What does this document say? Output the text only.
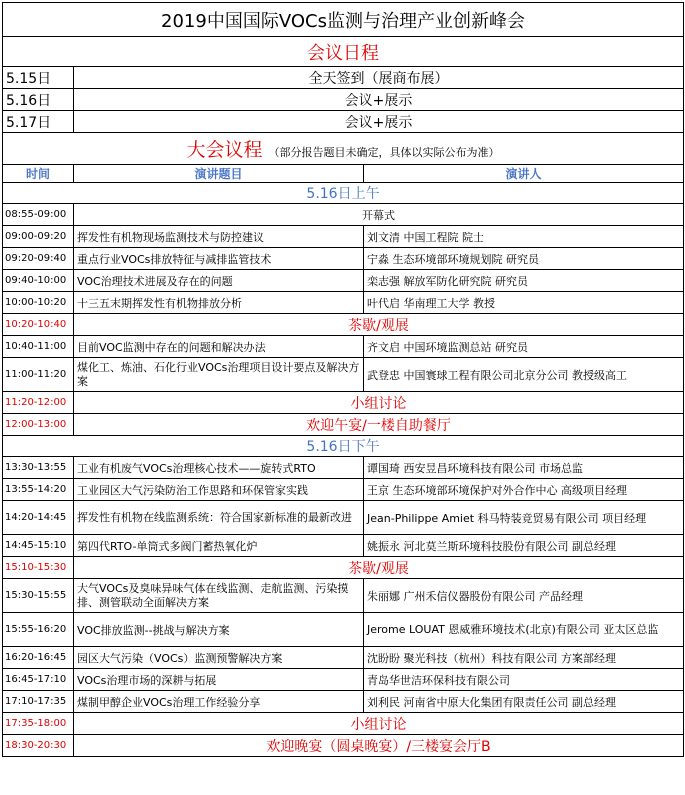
2019中国国际VOCs监测与治理产业创新峰会		
会议日程		
5.15日	全天签到（展商布展）	
5.16日	会议+展示	
5.17日	会议+展示	
大会议程 （部分报告题目未确定，具体以实际公布为准）		
时间	演讲题目	演讲人
5.16日上午		
08:55-09:00	开幕式	
09:00-09:20	挥发性有机物现场监测技术与防控建议	刘文清 中国工程院 院士
09:20-09:40	重点行业VOCs排放特征与减排监管技术	宁淼 生态环境部环境规划院 研究员
09:40-10:00	VOC治理技术进展及存在的问题	栾志强 解放军防化研究院 研究员
10:00-10:20	十三五末期挥发性有机物排放分析	叶代启 华南理工大学 教授
10:20-10:40	茶歇/观展	
10:40-11:00	目前VOC监测中存在的问题和解决办法	齐文启 中国环境监测总站 研究员
11:00-11:20	煤化工、炼油、石化行业VOCs治理项目设计要点及解决方案	武登忠 中国寰球工程有限公司北京分公司 教授级高工
11:20-12:00	小组讨论	
12:00-13:00	欢迎午宴/一楼自助餐厅	
5.16日下午		
13:30-13:55	工业有机废气VOCs治理核心技术——旋转式RTO	谭国琦 西安昱昌环境科技有限公司 市场总监
13:55-14:20	工业园区大气污染防治工作思路和环保管家实践	王京 生态环境部环境保护对外合作中心 高级项目经理
14:20-14:45	挥发性有机物在线监测系统：符合国家新标准的最新改进	Jean-Philippe Amiet 科马特装竞贸易有限公司 项目经理
14:45-15:10	第四代RTO-单筒式多阀门蓄热氧化炉	姚振永 河北莫兰斯环境科技股份有限公司 副总经理
15:10-15:30	茶歇/观展	
15:30-15:55	大气VOCs及臭味异味气体在线监测、走航监测、污染摸排、测管联动全面解决方案	朱丽娜 广州禾信仪器股份有限公司 产品经理
15:55-16:20	VOC排放监测--挑战与解决方案	Jerome LOUAT 恩威雅环境技术(北京)有限公司 亚太区总监
16:20-16:45	园区大气污染（VOCs）监测预警解决方案	沈盼盼 聚光科技（杭州）科技有限公司 方案部经理
16:45-17:10	VOCs治理市场的深耕与拓展	青岛华世洁环保科技有限公司
17:10-17:35	煤制甲醇企业VOCs治理工作经验分享	刘利民 河南省中原大化集团有限责任公司 副总经理
17:35-18:00	小组讨论	
18:30-20:30	欢迎晚宴（圆桌晚宴）/三楼宴会厅B	
